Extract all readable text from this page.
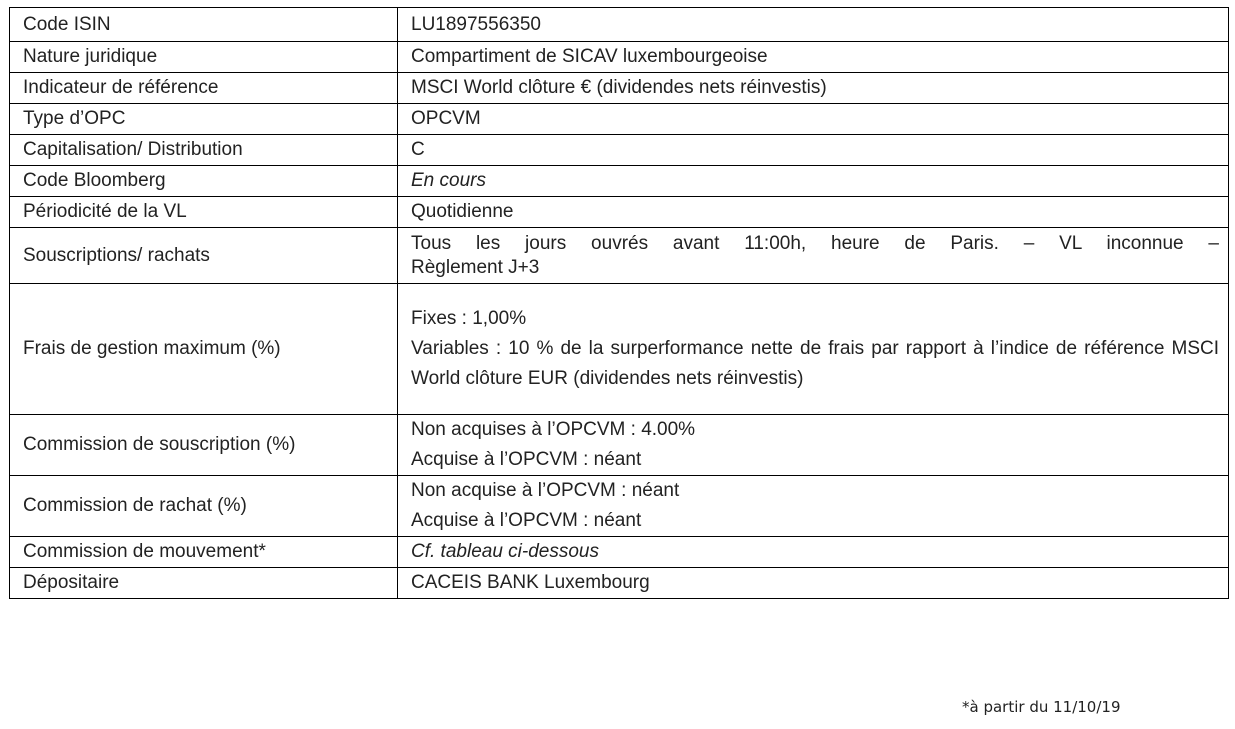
Code ISIN	LU1897556350
Nature juridique	Compartiment de SICAV luxembourgeoise
Indicateur de référence	MSCI World clôture € (dividendes nets réinvestis)
Type d’OPC	OPCVM
Capitalisation/ Distribution	C
Code Bloomberg	En cours
Périodicité de la VL	Quotidienne
Souscriptions/ rachats	Tous les jours ouvrés avant 11:00h, heure de Paris. – VL inconnue –
Règlement J+3

Frais de gestion maximum (%)	Fixes : 1,00%
Variables : 10 % de la surperformance nette de frais par rapport à l’indice de référence MSCI World clôture EUR (dividendes nets réinvestis)

Commission de souscription (%)	Non acquises à l’OPCVM : 4.00%
Acquise à l’OPCVM : néant

Commission de rachat (%)	Non acquise à l’OPCVM : néant
Acquise à l’OPCVM : néant

Commission de mouvement*	Cf. tableau ci-dessous
Dépositaire	CACEIS BANK Luxembourg
*à partir du 11/10/19
